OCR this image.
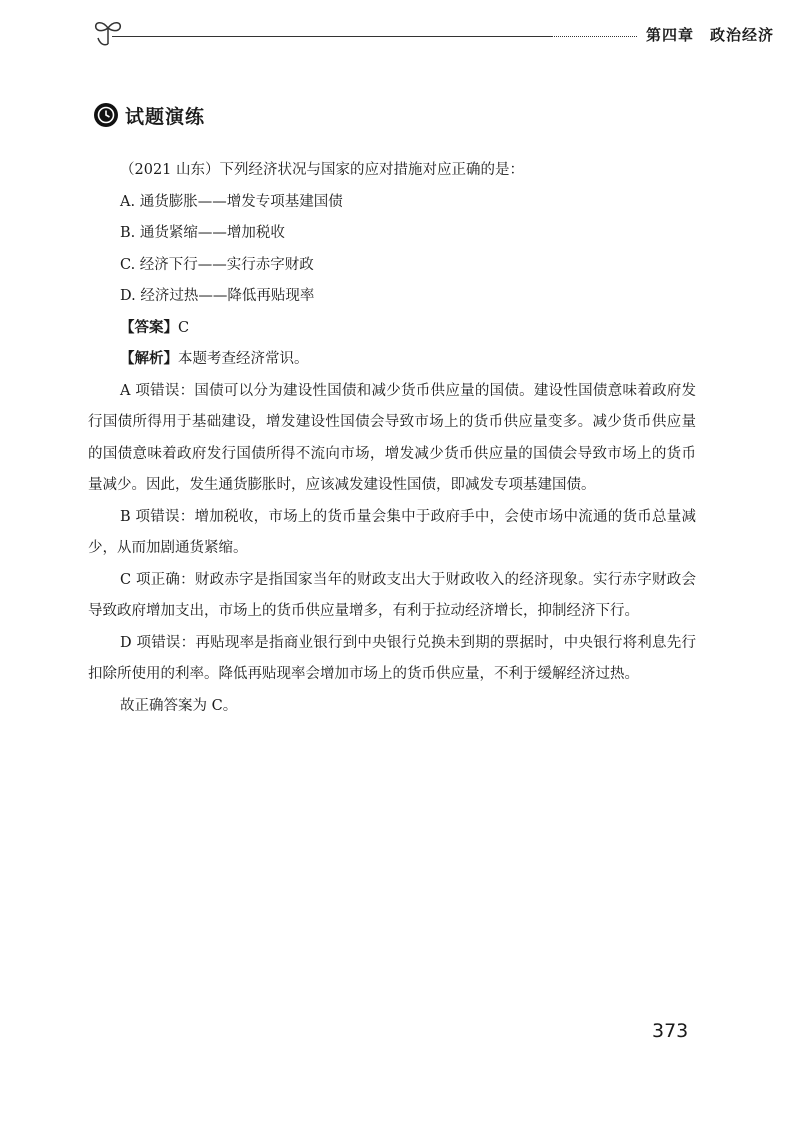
第四章 政治经济
试题演练
（2021 山东）下列经济状况与国家的应对措施对应正确的是：
A. 通货膨胀——增发专项基建国债
B. 通货紧缩——增加税收
C. 经济下行——实行赤字财政
D. 经济过热——降低再贴现率
【答案】C
【解析】本题考查经济常识。
A 项错误：国债可以分为建设性国债和减少货币供应量的国债。建设性国债意味着政府发行国债所得用于基础建设，增发建设性国债会导致市场上的货币供应量变多。减少货币供应量的国债意味着政府发行国债所得不流向市场，增发减少货币供应量的国债会导致市场上的货币量减少。因此，发生通货膨胀时，应该减发建设性国债，即减发专项基建国债。
B 项错误：增加税收，市场上的货币量会集中于政府手中，会使市场中流通的货币总量减少，从而加剧通货紧缩。
C 项正确：财政赤字是指国家当年的财政支出大于财政收入的经济现象。实行赤字财政会导致政府增加支出，市场上的货币供应量增多，有利于拉动经济增长，抑制经济下行。
D 项错误：再贴现率是指商业银行到中央银行兑换未到期的票据时，中央银行将利息先行扣除所使用的利率。降低再贴现率会增加市场上的货币供应量，不利于缓解经济过热。
故正确答案为 C。
373
